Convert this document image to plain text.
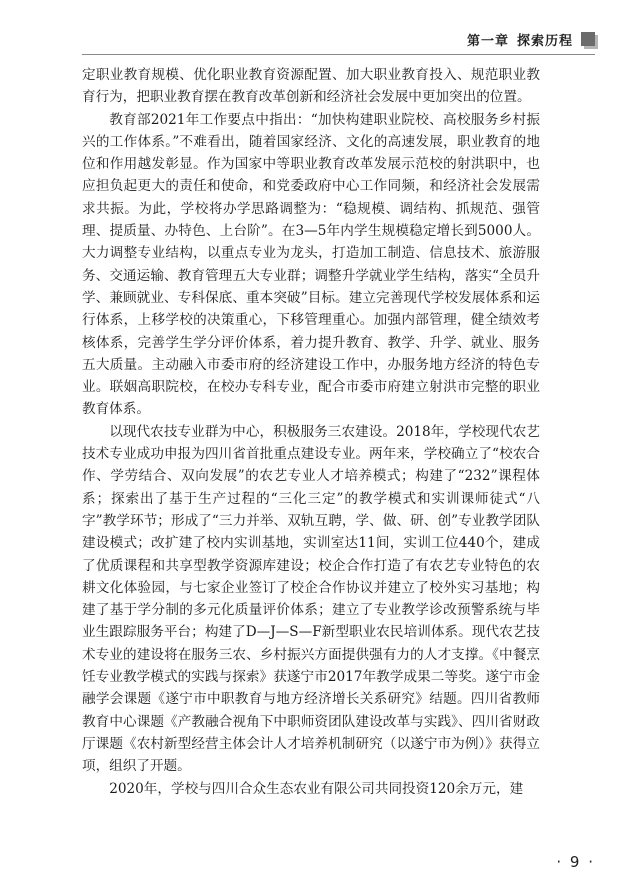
第一章 探索历程

定职业教育规模、优化职业教育资源配置、加大职业教育投入、规范职业教育行为，把职业教育摆在教育改革创新和经济社会发展中更加突出的位置。

教育部2021年工作要点中指出：“加快构建职业院校、高校服务乡村振兴的工作体系。”不难看出，随着国家经济、文化的高速发展，职业教育的地位和作用越发彰显。作为国家中等职业教育改革发展示范校的射洪职中，也应担负起更大的责任和使命，和党委政府中心工作同频，和经济社会发展需求共振。为此，学校将办学思路调整为：“稳规模、调结构、抓规范、强管理、提质量、办特色、上台阶”。在3—5年内学生规模稳定增长到5000人。大力调整专业结构，以重点专业为龙头，打造加工制造、信息技术、旅游服务、交通运输、教育管理五大专业群；调整升学就业学生结构，落实“全员升学、兼顾就业、专科保底、重本突破”目标。建立完善现代学校发展体系和运行体系，上移学校的决策重心，下移管理重心。加强内部管理，健全绩效考核体系，完善学生学分评价体系，着力提升教育、教学、升学、就业、服务五大质量。主动融入市委市府的经济建设工作中，办服务地方经济的特色专业。联姻高职院校，在校办专科专业，配合市委市府建立射洪市完整的职业教育体系。

以现代农技专业群为中心，积极服务三农建设。2018年，学校现代农艺技术专业成功申报为四川省首批重点建设专业。两年来，学校确立了“校农合作、学劳结合、双向发展”的农艺专业人才培养模式；构建了“232”课程体系；探索出了基于生产过程的“三化三定”的教学模式和实训课师徒式“八字”教学环节；形成了“三力并举、双轨互聘，学、做、研、创”专业教学团队建设模式；改扩建了校内实训基地，实训室达11间，实训工位440个，建成了优质课程和共享型教学资源库建设；校企合作打造了有农艺专业特色的农耕文化体验园，与七家企业签订了校企合作协议并建立了校外实习基地；构建了基于学分制的多元化质量评价体系；建立了专业教学诊改预警系统与毕业生跟踪服务平台；构建了D—J—S—F新型职业农民培训体系。现代农艺技术专业的建设将在服务三农、乡村振兴方面提供强有力的人才支撑。《中餐烹饪专业教学模式的实践与探索》获遂宁市2017年教学成果二等奖。遂宁市金融学会课题《遂宁市中职教育与地方经济增长关系研究》结题。四川省教师教育中心课题《产教融合视角下中职师资团队建设改革与实践》、四川省财政厅课题《农村新型经营主体会计人才培养机制研究（以遂宁市为例）》获得立项，组织了开题。

2020年，学校与四川合众生态农业有限公司共同投资120余万元，建

· 9 ·
